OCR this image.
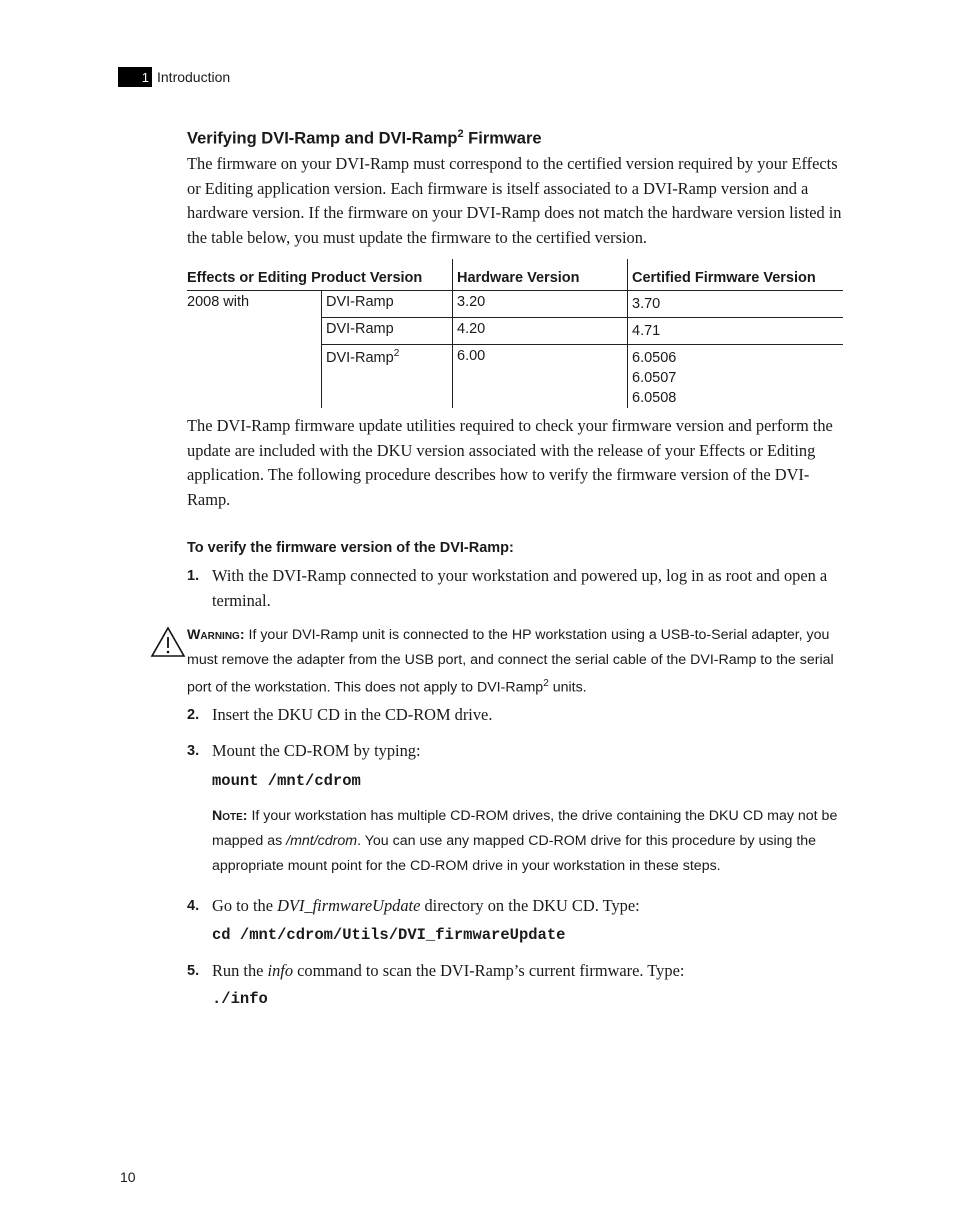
1 Introduction
Verifying DVI-Ramp and DVI-Ramp$^2$ Firmware
The firmware on your DVI-Ramp must correspond to the certified version required by your Effects or Editing application version. Each firmware is itself associated to a DVI-Ramp version and a hardware version. If the firmware on your DVI-Ramp does not match the hardware version listed in the table below, you must update the firmware to the certified version.
Effects or Editing Product Version		Hardware Version	Certified Firmware Version
2008 with	DVI-Ramp	3.20	3.70

	DVI-Ramp	4.20	4.71

	DVI-Ramp$^2$	6.00	6.0506
6.0507
6.0508
The DVI-Ramp firmware update utilities required to check your firmware version and perform the update are included with the DKU version associated with the release of your Effects or Editing application. The following procedure describes how to verify the firmware version of the DVI-Ramp.
To verify the firmware version of the DVI-Ramp:
1. With the DVI-Ramp connected to your workstation and powered up, log in as root and open a terminal.
Warning: If your DVI-Ramp unit is connected to the HP workstation using a USB-to-Serial adapter, you must remove the adapter from the USB port, and connect the serial cable of the DVI-Ramp to the serial port of the workstation. This does not apply to DVI-Ramp$^2$ units.
2. Insert the DKU CD in the CD-ROM drive.
3. Mount the CD-ROM by typing:
mount /mnt/cdrom
Note: If your workstation has multiple CD-ROM drives, the drive containing the DKU CD may not be mapped as /mnt/cdrom. You can use any mapped CD-ROM drive for this procedure by using the appropriate mount point for the CD-ROM drive in your workstation in these steps.
4. Go to the DVI_firmwareUpdate directory on the DKU CD. Type:
cd /mnt/cdrom/Utils/DVI_firmwareUpdate
5. Run the info command to scan the DVI-Ramp’s current firmware. Type:
./info
10
